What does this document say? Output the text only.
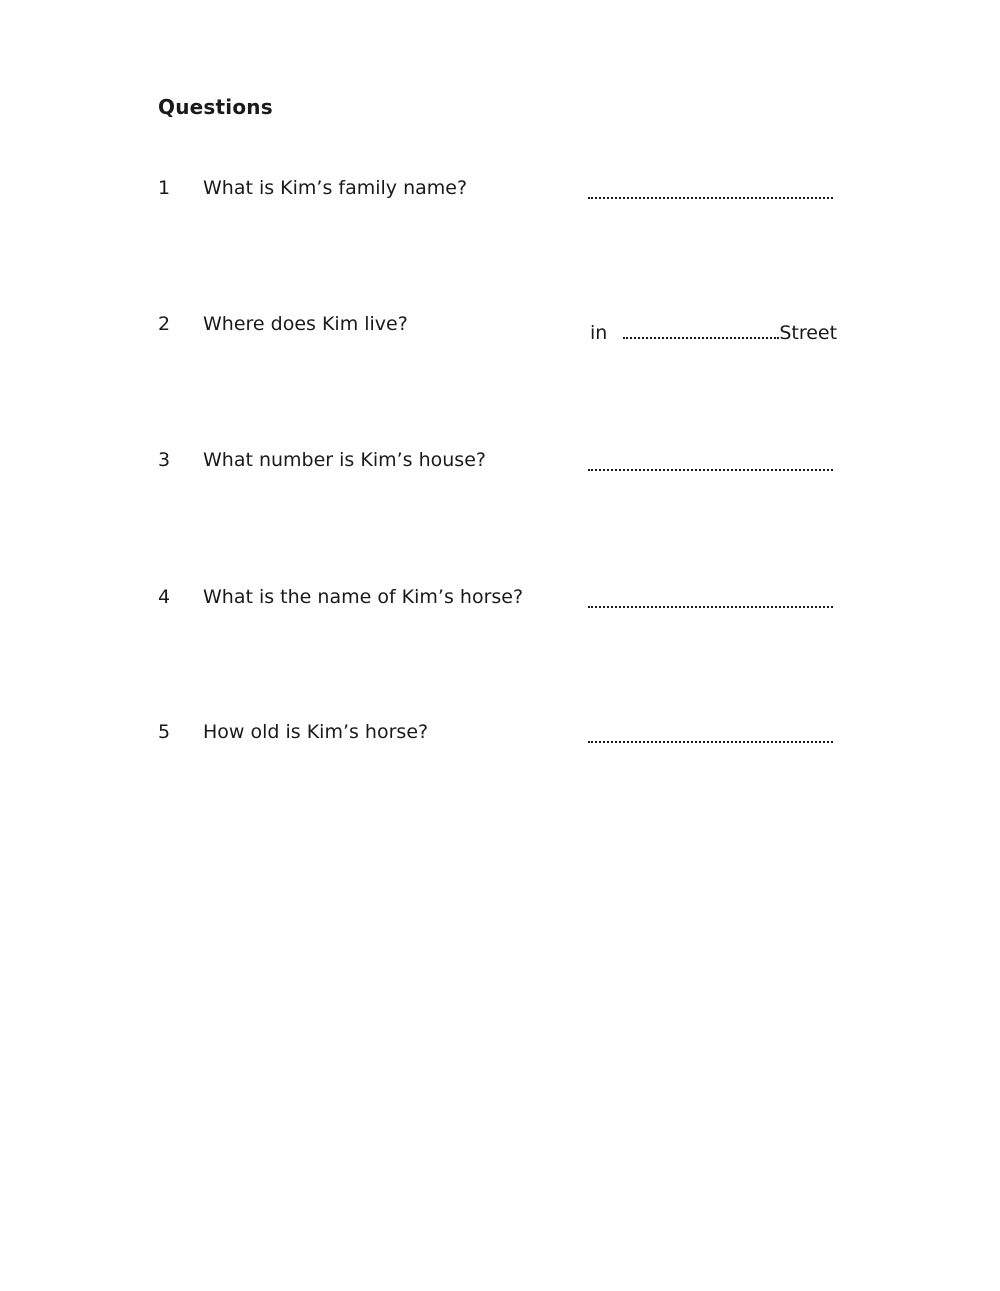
Questions
1 What is Kim’s family name?
2 Where does Kim live?	in	Street
3 What number is Kim’s house?
4 What is the name of Kim’s horse?
5 How old is Kim’s horse?
